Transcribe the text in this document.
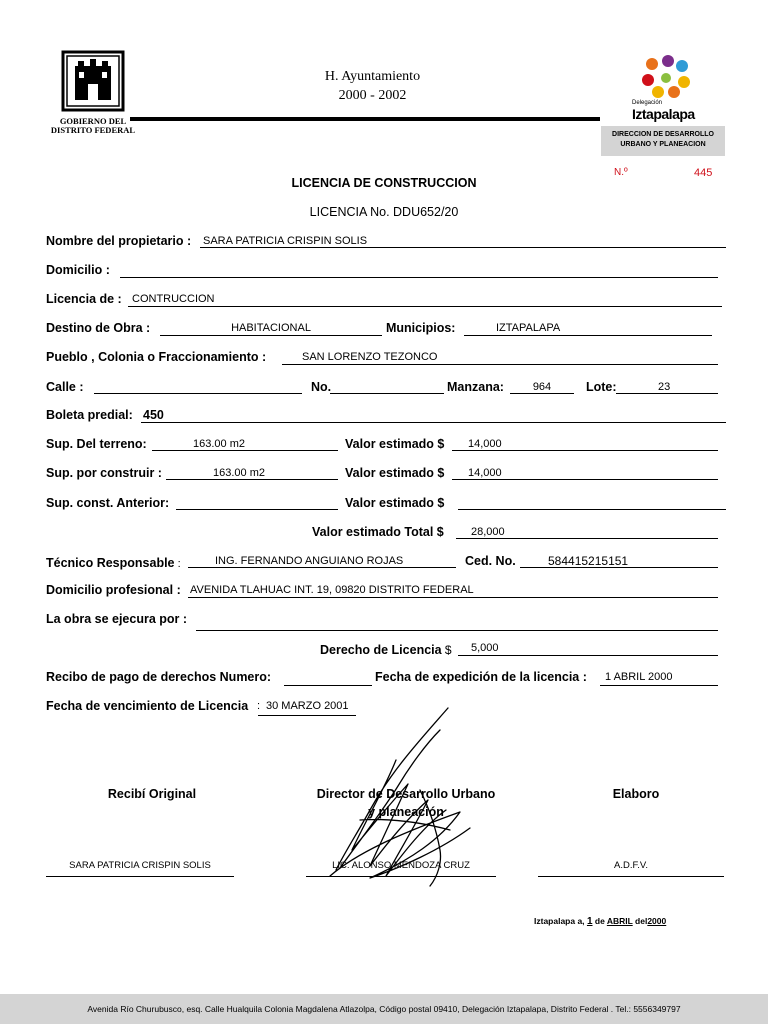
GOBIERNO DEL
DISTRITO FEDERAL
H. Ayuntamiento
2000 - 2002	Delegación
Iztapalapa
DIRECCION DE DESARROLLO
URBANO Y PLANEACION
N.º	445
LICENCIA DE CONSTRUCCION
LICENCIA No. DDU652/20
Nombre del propietario : SARA PATRICIA CRISPIN SOLIS
Domicilio :
Licencia de : CONTRUCCION
Destino de Obra :	HABITACIONAL	Municipios:	IZTAPALAPA
Pueblo , Colonia o Fraccionamiento :	SAN LORENZO TEZONCO
Calle :	No.	Manzana:	964	Lote:	23
Boleta predial: 450
Sup. Del terreno:	163.00 m2	Valor estimado $ 14,000
Sup. por construir :	163.00 m2	Valor estimado $ 14,000
Sup. const. Anterior:	Valor estimado $
Valor estimado Total $ 28,000
Técnico Responsable :	ING. FERNANDO ANGUIANO ROJAS	Ced. No.	584415215151
Domicilio profesional : AVENIDA TLAHUAC INT. 19, 09820 DISTRITO FEDERAL
La obra se ejecura por :
Derecho de Licencia $ 5,000
Recibo de pago de derechos Numero:	Fecha de expedición de la licencia : 1 ABRIL 2000
Fecha de vencimiento de Licencia : 30 MARZO 2001
Recibí Original	Director de Desarrollo Urbano
y planeación
Elaboro
SARA PATRICIA CRISPIN SOLIS	LIC. ALONSO MENDOZA CRUZ	A.D.F.V.
Iztapalapa a, 1 de ABRIL del2000
Avenida Río Churubusco, esq. Calle Hualquila Colonia Magdalena Atlazolpa, Código postal 09410, Delegación Iztapalapa, Distrito Federal . Tel.: 5556349797
